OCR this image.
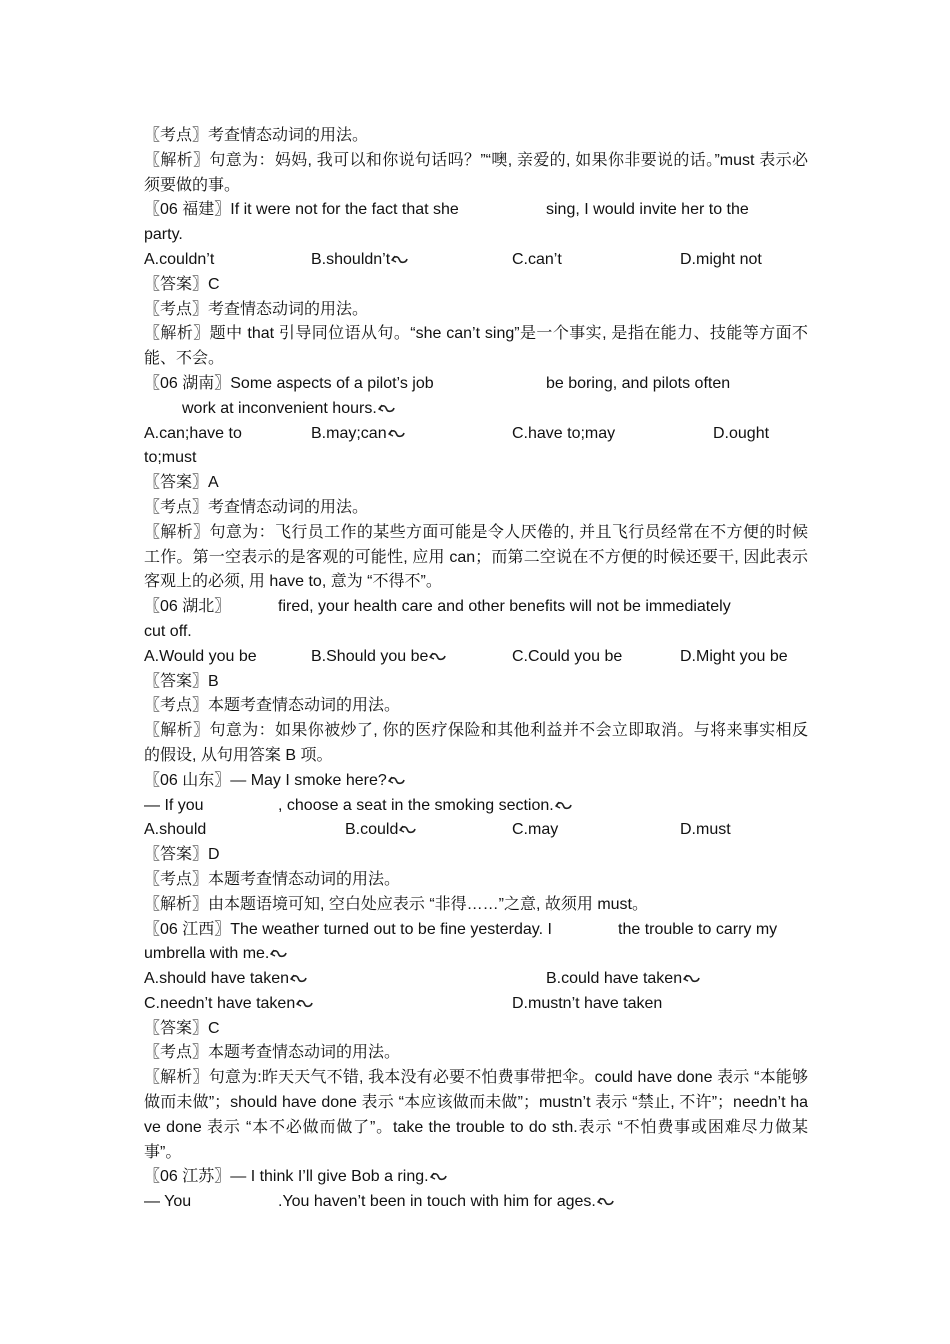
〖考点〗考查情态动词的用法。
〖解析〗句意为：妈妈, 我可以和你说句话吗？”“噢, 亲爱的, 如果你非要说的话。”must 表示必须要做的事。
〖06 福建〗If it were not for the fact that she	sing, I would invite her to the
party.
A.couldn’t	B.shouldn’t	C.can’t	D.might not
〖答案〗C
〖考点〗考查情态动词的用法。
〖解析〗题中 that 引导同位语从句。“she can’t sing”是一个事实, 是指在能力、技能等方面不能、不会。
〖06 湖南〗Some aspects of a pilot’s job	be boring, and pilots often
work at inconvenient hours.
A.can;have to	B.may;can	C.have to;may	D.ought
to;must
〖答案〗A
〖考点〗考查情态动词的用法。
〖解析〗句意为：飞行员工作的某些方面可能是令人厌倦的, 并且飞行员经常在不方便的时候工作。第一空表示的是客观的可能性, 应用 can；而第二空说在不方便的时候还要干, 因此表示客观上的必须, 用 have to, 意为 “不得不”。
〖06 湖北〗	fired, your health care and other benefits will not be immediately
cut off.
A.Would you be	B.Should you be	C.Could you be	D.Might you be
〖答案〗B
〖考点〗本题考查情态动词的用法。
〖解析〗句意为：如果你被炒了, 你的医疗保险和其他利益并不会立即取消。与将来事实相反的假设, 从句用答案 B 项。
〖06 山东〗— May I smoke here?
— If you	, choose a seat in the smoking section.
A.should	B.could	C.may	D.must
〖答案〗D
〖考点〗本题考查情态动词的用法。
〖解析〗由本题语境可知, 空白处应表示 “非得……”之意, 故须用 must。
〖06 江西〗The weather turned out to be fine yesterday. I	the trouble to carry my
umbrella with me.
A.should have taken	B.could have taken
C.needn’t have taken	D.mustn’t have taken
〖答案〗C
〖考点〗本题考查情态动词的用法。
〖解析〗句意为:昨天天气不错, 我本没有必要不怕费事带把伞。could have done 表示 “本能够做而未做”；should have done 表示 “本应该做而未做”；mustn’t 表示 “禁止, 不许”；needn’t have done 表示 “本不必做而做了”。take the trouble to do sth.表示 “不怕费事或困难尽力做某事”。
〖06 江苏〗— I think I’ll give Bob a ring.
— You	.You haven’t been in touch with him for ages.
